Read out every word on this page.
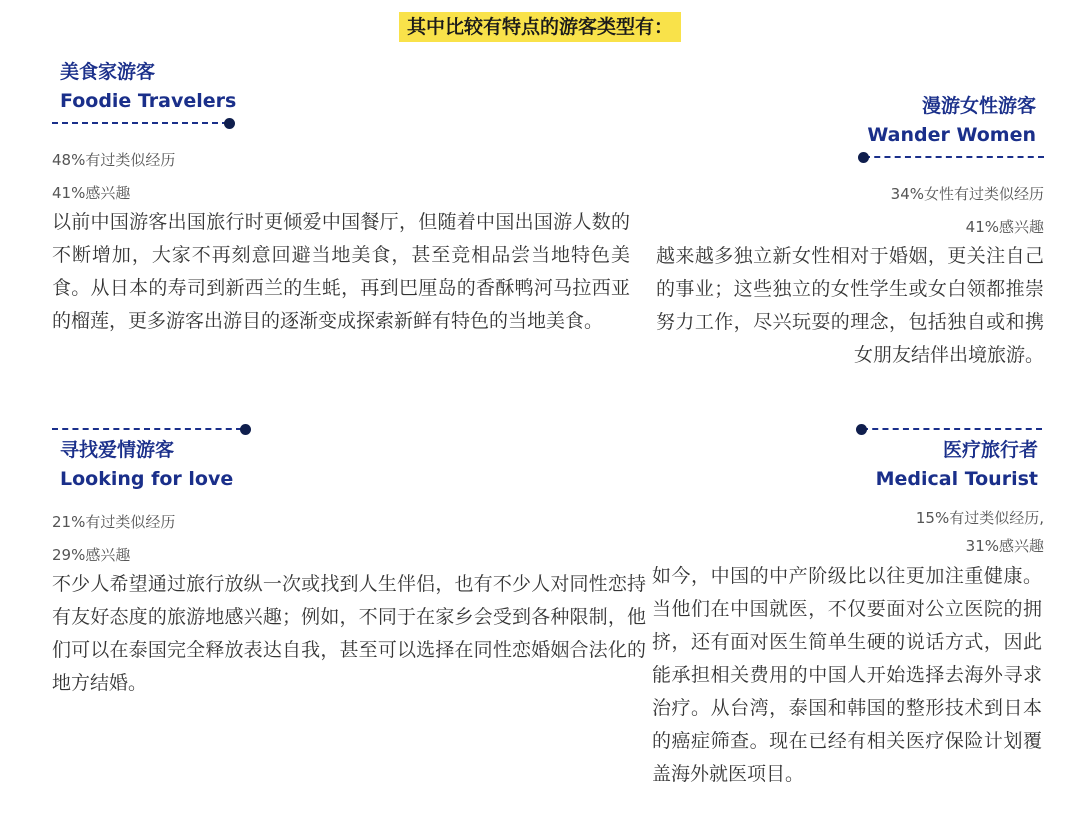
其中比较有特点的游客类型有：
美食家游客
Foodie Travelers
48%有过类似经历
41%感兴趣
以前中国游客出国旅行时更倾爱中国餐厅，但随着中国出国游人数的不断增加，大家不再刻意回避当地美食，甚至竞相品尝当地特色美食。从日本的寿司到新西兰的生蚝，再到巴厘岛的香酥鸭河马拉西亚的榴莲，更多游客出游目的逐渐变成探索新鲜有特色的当地美食。
漫游女性游客
Wander Women
34%女性有过类似经历
41%感兴趣
越来越多独立新女性相对于婚姻，更关注自己的事业；这些独立的女性学生或女白领都推崇努力工作，尽兴玩耍的理念，包括独自或和携女朋友结伴出境旅游。
寻找爱情游客
Looking for love
21%有过类似经历
29%感兴趣
不少人希望通过旅行放纵一次或找到人生伴侣，也有不少人对同性恋持有友好态度的旅游地感兴趣；例如，不同于在家乡会受到各种限制，他们可以在泰国完全释放表达自我，甚至可以选择在同性恋婚姻合法化的地方结婚。
医疗旅行者
Medical Tourist
15%有过类似经历,
31%感兴趣
如今，中国的中产阶级比以往更加注重健康。当他们在中国就医，不仅要面对公立医院的拥挤，还有面对医生简单生硬的说话方式，因此能承担相关费用的中国人开始选择去海外寻求治疗。从台湾，泰国和韩国的整形技术到日本的癌症筛查。现在已经有相关医疗保险计划覆盖海外就医项目。
